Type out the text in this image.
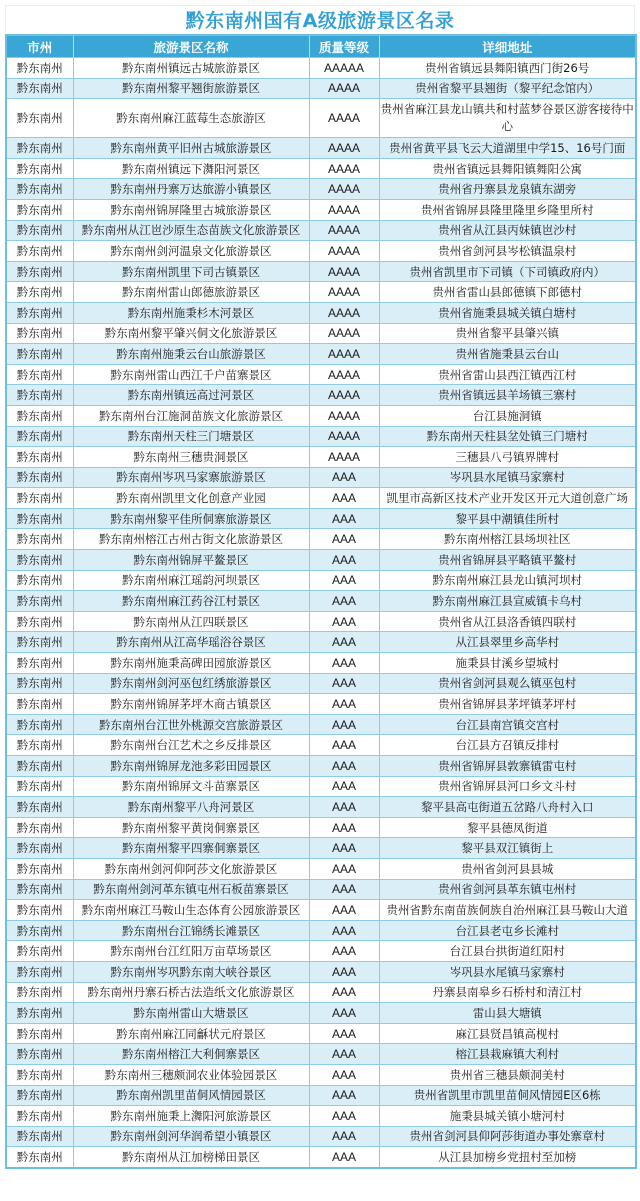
黔东南州国有A级旅游景区名录
市州	旅游景区名称	质量等级	详细地址
黔东南州	黔东南州镇远古城旅游景区	AAAAA	贵州省镇远县舞阳镇西门街26号
黔东南州	黔东南州黎平翘街旅游景区	AAAA	贵州省黎平县翘街（黎平纪念馆内）
黔东南州	黔东南州麻江蓝莓生态旅游区	AAAA	贵州省麻江县龙山镇共和村蓝梦谷景区游客接待中心
黔东南州	黔东南州黄平旧州古城旅游景区	AAAA	贵州省黄平县飞云大道湖里中学15、16号门面
黔东南州	黔东南州镇远下㵲阳河景区	AAAA	贵州省镇远县舞阳镇舞阳公寓
黔东南州	黔东南州丹寨万达旅游小镇景区	AAAA	贵州省丹寨县龙泉镇东湖旁
黔东南州	黔东南州锦屏隆里古城旅游景区	AAAA	贵州省锦屏县隆里隆里乡隆里所村
黔东南州	黔东南州从江岜沙原生态苗族文化旅游景区	AAAA	贵州省从江县丙妹镇岜沙村
黔东南州	黔东南州剑河温泉文化旅游景区	AAAA	贵州省剑河县岑松镇温泉村
黔东南州	黔东南州凯里下司古镇景区	AAAA	贵州省凯里市下司镇（下司镇政府内）
黔东南州	黔东南州雷山郎德旅游景区	AAAA	贵州省雷山县郎德镇下郎德村
黔东南州	黔东南州施秉杉木河景区	AAAA	贵州省施秉县城关镇白塘村
黔东南州	黔东南州黎平肇兴侗文化旅游景区	AAAA	贵州省黎平县肇兴镇
黔东南州	黔东南州施秉云台山旅游景区	AAAA	贵州省施秉县云台山
黔东南州	黔东南州雷山西江千户苗寨景区	AAAA	贵州省雷山县西江镇西江村
黔东南州	黔东南州镇远高过河景区	AAAA	贵州省镇远县羊场镇三寨村
黔东南州	黔东南州台江施洞苗族文化旅游景区	AAAA	台江县施洞镇
黔东南州	黔东南州天柱三门塘景区	AAAA	黔东南州天柱县坌处镇三门塘村
黔东南州	黔东南州三穗贵洞景区	AAAA	三穗县八弓镇界牌村
黔东南州	黔东南州岑巩马家寨旅游景区	AAA	岑巩县水尾镇马家寨村
黔东南州	黔东南州凯里文化创意产业园	AAA	凯里市高新区技术产业开发区开元大道创意广场
黔东南州	黔东南州黎平佳所侗寨旅游景区	AAA	黎平县中潮镇佳所村
黔东南州	黔东南州榕江古州古街文化旅游景区	AAA	黔东南州榕江县场坝社区
黔东南州	黔东南州锦屏平鳌景区	AAA	贵州省锦屏县平略镇平鳌村
黔东南州	黔东南州麻江瑶韵河坝景区	AAA	黔东南州麻江县龙山镇河坝村
黔东南州	黔东南州麻江药谷江村景区	AAA	黔东南州麻江县宣威镇卡乌村
黔东南州	黔东南州从江四联景区	AAA	贵州省从江县洛香镇四联村
黔东南州	黔东南州从江高华瑶浴谷景区	AAA	从江县翠里乡高华村
黔东南州	黔东南州施秉高碑田园旅游景区	AAA	施秉县甘溪乡望城村
黔东南州	黔东南州剑河巫包红绣旅游景区	AAA	贵州省剑河县观么镇巫包村
黔东南州	黔东南州锦屏茅坪木商古镇景区	AAA	贵州省锦屏县茅坪镇茅坪村
黔东南州	黔东南州台江世外桃源交宫旅游景区	AAA	台江县南宫镇交宫村
黔东南州	黔东南州台江艺术之乡反排景区	AAA	台江县方召镇反排村
黔东南州	黔东南州锦屏龙池多彩田园景区	AAA	贵州省锦屏县敦寨镇雷屯村
黔东南州	黔东南州锦屏文斗苗寨景区	AAA	贵州省锦屏县河口乡文斗村
黔东南州	黔东南州黎平八舟河景区	AAA	黎平县高屯街道五岔路八舟村入口
黔东南州	黔东南州黎平黄岗侗寨景区	AAA	黎平县德凤街道
黔东南州	黔东南州黎平四寨侗寨景区	AAA	黎平县双江镇街上
黔东南州	黔东南州剑河仰阿莎文化旅游景区	AAA	贵州省剑河县县城
黔东南州	黔东南州剑河革东镇屯州石板苗寨景区	AAA	贵州省剑河县革东镇屯州村
黔东南州	黔东南州麻江马鞍山生态体育公园旅游景区	AAA	贵州省黔东南苗族侗族自治州麻江县马鞍山大道
黔东南州	黔东南州台江锦绣长滩景区	AAA	台江县老屯乡长滩村
黔东南州	黔东南州台江红阳万亩草场景区	AAA	台江县台拱街道红阳村
黔东南州	黔东南州岑巩黔东南大峡谷景区	AAA	岑巩县水尾镇马家寨村
黔东南州	黔东南州丹寨石桥古法造纸文化旅游景区	AAA	丹寨县南皋乡石桥村和清江村
黔东南州	黔东南州雷山大塘景区	AAA	雷山县大塘镇
黔东南州	黔东南州麻江同龢状元府景区	AAA	麻江县贤昌镇高枧村
黔东南州	黔东南州榕江大利侗寨景区	AAA	榕江县栽麻镇大利村
黔东南州	黔东南州三穗颇洞农业体验园景区	AAA	贵州省三穗县颇洞美村
黔东南州	黔东南州凯里苗侗风情园景区	AAA	贵州省凯里市凯里苗侗风情园E区6栋
黔东南州	黔东南州施秉上㵲阳河旅游景区	AAA	施秉县城关镇小塘河村
黔东南州	黔东南州剑河华润希望小镇景区	AAA	贵州省剑河县仰阿莎街道办事处寨章村
黔东南州	黔东南州从江加榜梯田景区	AAA	从江县加榜乡党扭村至加榜
